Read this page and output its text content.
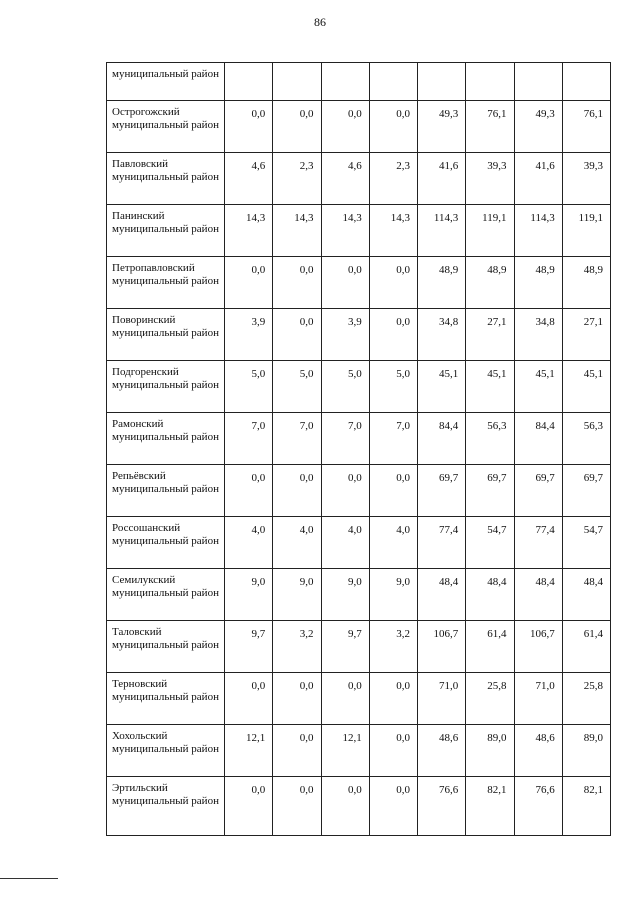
86
муниципальный район								
Острогожский муниципальный район	0,0	0,0	0,0	0,0	49,3	76,1	49,3	76,1
Павловский муниципальный район	4,6	2,3	4,6	2,3	41,6	39,3	41,6	39,3
Панинский муниципальный район	14,3	14,3	14,3	14,3	114,3	119,1	114,3	119,1
Петропавловский муниципальный район	0,0	0,0	0,0	0,0	48,9	48,9	48,9	48,9
Поворинский муниципальный район	3,9	0,0	3,9	0,0	34,8	27,1	34,8	27,1
Подгоренский муниципальный район	5,0	5,0	5,0	5,0	45,1	45,1	45,1	45,1
Рамонский муниципальный район	7,0	7,0	7,0	7,0	84,4	56,3	84,4	56,3
Репьёвский муниципальный район	0,0	0,0	0,0	0,0	69,7	69,7	69,7	69,7
Россошанский муниципальный район	4,0	4,0	4,0	4,0	77,4	54,7	77,4	54,7
Семилукский муниципальный район	9,0	9,0	9,0	9,0	48,4	48,4	48,4	48,4
Таловский муниципальный район	9,7	3,2	9,7	3,2	106,7	61,4	106,7	61,4
Терновский муниципальный район	0,0	0,0	0,0	0,0	71,0	25,8	71,0	25,8
Хохольский муниципальный район	12,1	0,0	12,1	0,0	48,6	89,0	48,6	89,0
Эртильский муниципальный район	0,0	0,0	0,0	0,0	76,6	82,1	76,6	82,1
